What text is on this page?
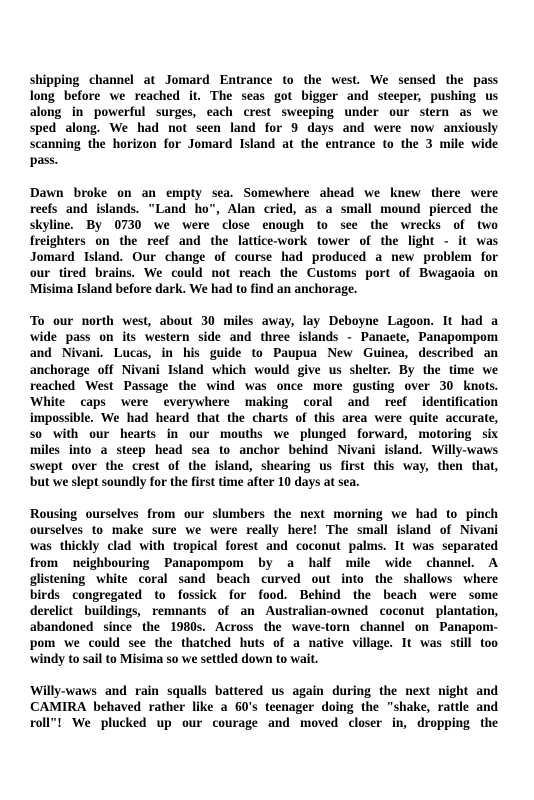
shipping channel at Jomard Entrance to the west. We sensed the pass
long before we reached it. The seas got bigger and steeper, pushing us
along in powerful surges, each crest sweeping under our stern as we
sped along. We had not seen land for 9 days and were now anxiously
scanning the horizon for Jomard Island at the entrance to the 3 mile wide
pass.

Dawn broke on an empty sea. Somewhere ahead we knew there were
reefs and islands. "Land ho", Alan cried, as a small mound pierced the
skyline. By 0730 we were close enough to see the wrecks of two
freighters on the reef and the lattice-work tower of the light - it was
Jomard Island. Our change of course had produced a new problem for
our tired brains. We could not reach the Customs port of Bwagaoia on
Misima Island before dark. We had to find an anchorage.

To our north west, about 30 miles away, lay Deboyne Lagoon. It had a
wide pass on its western side and three islands - Panaete, Panapompom
and Nivani. Lucas, in his guide to Paupua New Guinea, described an
anchorage off Nivani Island which would give us shelter. By the time we
reached West Passage the wind was once more gusting over 30 knots.
White caps were everywhere making coral and reef identification
impossible. We had heard that the charts of this area were quite accurate,
so with our hearts in our mouths we plunged forward, motoring six
miles into a steep head sea to anchor behind Nivani island. Willy-waws
swept over the crest of the island, shearing us first this way, then that,
but we slept soundly for the first time after 10 days at sea.

Rousing ourselves from our slumbers the next morning we had to pinch
ourselves to make sure we were really here! The small island of Nivani
was thickly clad with tropical forest and coconut palms. It was separated
from neighbouring Panapompom by a half mile wide channel. A
glistening white coral sand beach curved out into the shallows where
birds congregated to fossick for food. Behind the beach were some
derelict buildings, remnants of an Australian-owned coconut plantation,
abandoned since the 1980s. Across the wave-torn channel on Panapom-
pom we could see the thatched huts of a native village. It was still too
windy to sail to Misima so we settled down to wait.

Willy-waws and rain squalls battered us again during the next night and
CAMIRA behaved rather like a 60's teenager doing the "shake, rattle and
roll"! We plucked up our courage and moved closer in, dropping the
